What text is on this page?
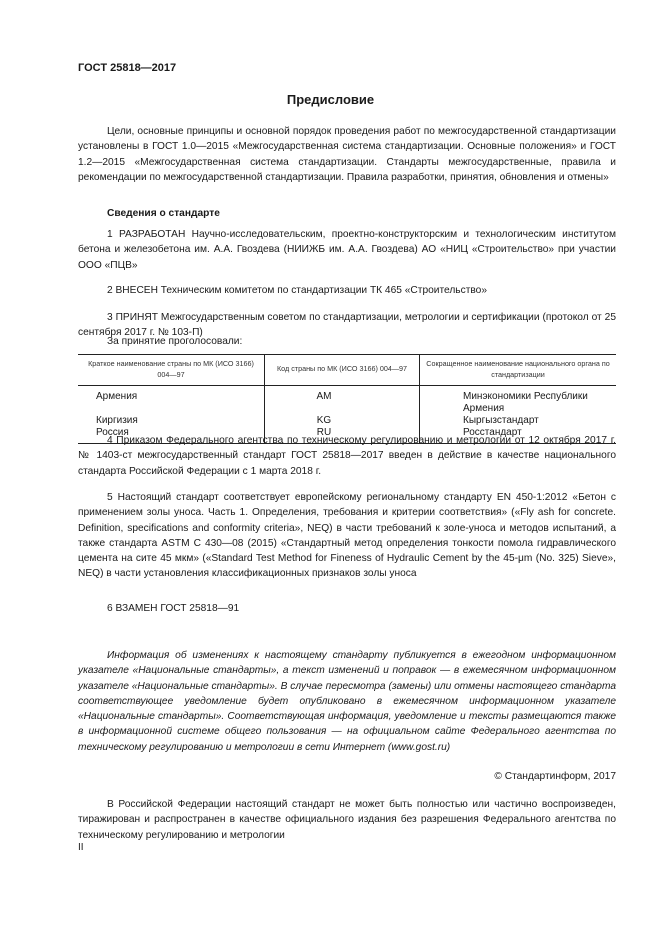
ГОСТ 25818—2017
Предисловие
Цели, основные принципы и основной порядок проведения работ по межгосударственной стандартизации установлены в ГОСТ 1.0—2015 «Межгосударственная система стандартизации. Основные положения» и ГОСТ 1.2—2015 «Межгосударственная система стандартизации. Стандарты межгосударственные, правила и рекомендации по межгосударственной стандартизации. Правила разработки, принятия, обновления и отмены»
Сведения о стандарте
1 РАЗРАБОТАН Научно-исследовательским, проектно-конструкторским и технологическим институтом бетона и железобетона им. А.А. Гвоздева (НИИЖБ им. А.А. Гвоздева) АО «НИЦ «Строительство» при участии ООО «ПЦВ»
2 ВНЕСЕН Техническим комитетом по стандартизации ТК 465 «Строительство»
3 ПРИНЯТ Межгосударственным советом по стандартизации, метрологии и сертификации (протокол от 25 сентября 2017 г. № 103-П)
За принятие проголосовали:
Краткое наименование страны по МК (ИСО 3166) 004—97	Код страны по МК (ИСО 3166) 004—97	Сокращенное наименование национального органа по стандартизации
Армения	AM	Минэкономики Республики Армения
Киргизия	KG	Кыргызстандарт
Россия	RU	Росстандарт
4 Приказом Федерального агентства по техническому регулированию и метрологии от 12 октября 2017 г. № 1403-ст межгосударственный стандарт ГОСТ 25818—2017 введен в действие в качестве национального стандарта Российской Федерации с 1 марта 2018 г.
5 Настоящий стандарт соответствует европейскому региональному стандарту EN 450-1:2012 «Бетон с применением золы уноса. Часть 1. Определения, требования и критерии соответствия» («Fly ash for concrete. Definition, specifications and conformity criteria», NEQ) в части требований к золе-уноса и методов испытаний, а также стандарта ASTM C 430—08 (2015) «Стандартный метод определения тонкости помола гидравлического цемента на сите 45 мкм» («Standard Test Method for Fineness of Hydraulic Cement by the 45-μm (No. 325) Sieve», NEQ) в части установления классификационных признаков золы уноса
6 ВЗАМЕН ГОСТ 25818—91

Информация об изменениях к настоящему стандарту публикуется в ежегодном информационном указателе «Национальные стандарты», а текст изменений и поправок — в ежемесячном информационном указателе «Национальные стандарты». В случае пересмотра (замены) или отмены настоящего стандарта соответствующее уведомление будет опубликовано в ежемесячном информационном указателе «Национальные стандарты». Соответствующая информация, уведомление и тексты размещаются также в информационной системе общего пользования — на официальном сайте Федерального агентства по техническому регулированию и метрологии в сети Интернет (www.gost.ru)

© Стандартинформ, 2017
В Российской Федерации настоящий стандарт не может быть полностью или частично воспроизведен, тиражирован и распространен в качестве официального издания без разрешения Федерального агентства по техническому регулированию и метрологии
II
